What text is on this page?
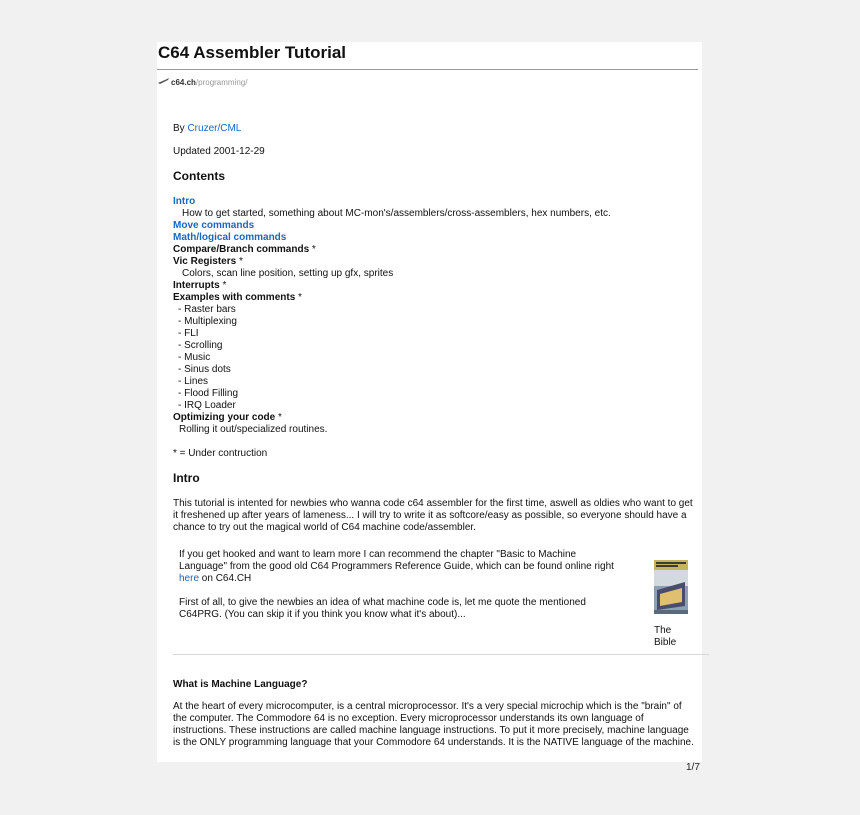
C64 Assembler Tutorial
c64.ch/programming/
By Cruzer/CML
Updated 2001-12-29
Contents
Intro
How to get started, something about MC-mon's/assemblers/cross-assemblers, hex numbers, etc.
Move commands
Math/logical commands
Compare/Branch commands *
Vic Registers *
Colors, scan line position, setting up gfx, sprites
Interrupts *
Examples with comments *
- Raster bars
- Multiplexing
- FLI
- Scrolling
- Music
- Sinus dots
- Lines
- Flood Filling
- IRQ Loader
Optimizing your code *
Rolling it out/specialized routines.
* = Under contruction
Intro
This tutorial is intented for newbies who wanna code c64 assembler for the first time, aswell as oldies who want to get it freshened up after years of lameness... I will try to write it as softcore/easy as possible, so everyone should have a chance to try out the magical world of C64 machine code/assembler.
If you get hooked and want to learn more I can recommend the chapter "Basic to Machine Language" from the good old C64 Programmers Reference Guide, which can be found online right here on C64.CH
First of all, to give the newbies an idea of what machine code is, let me quote the mentioned C64PRG. (You can skip it if you think you know what it's about)...
The Bible
What is Machine Language?
At the heart of every microcomputer, is a central microprocessor. It's a very special microchip which is the "brain" of the computer. The Commodore 64 is no exception. Every microprocessor understands its own language of instructions. These instructions are called machine language instructions. To put it more precisely, machine language is the ONLY programming language that your Commodore 64 understands. It is the NATIVE language of the machine.
1/7
